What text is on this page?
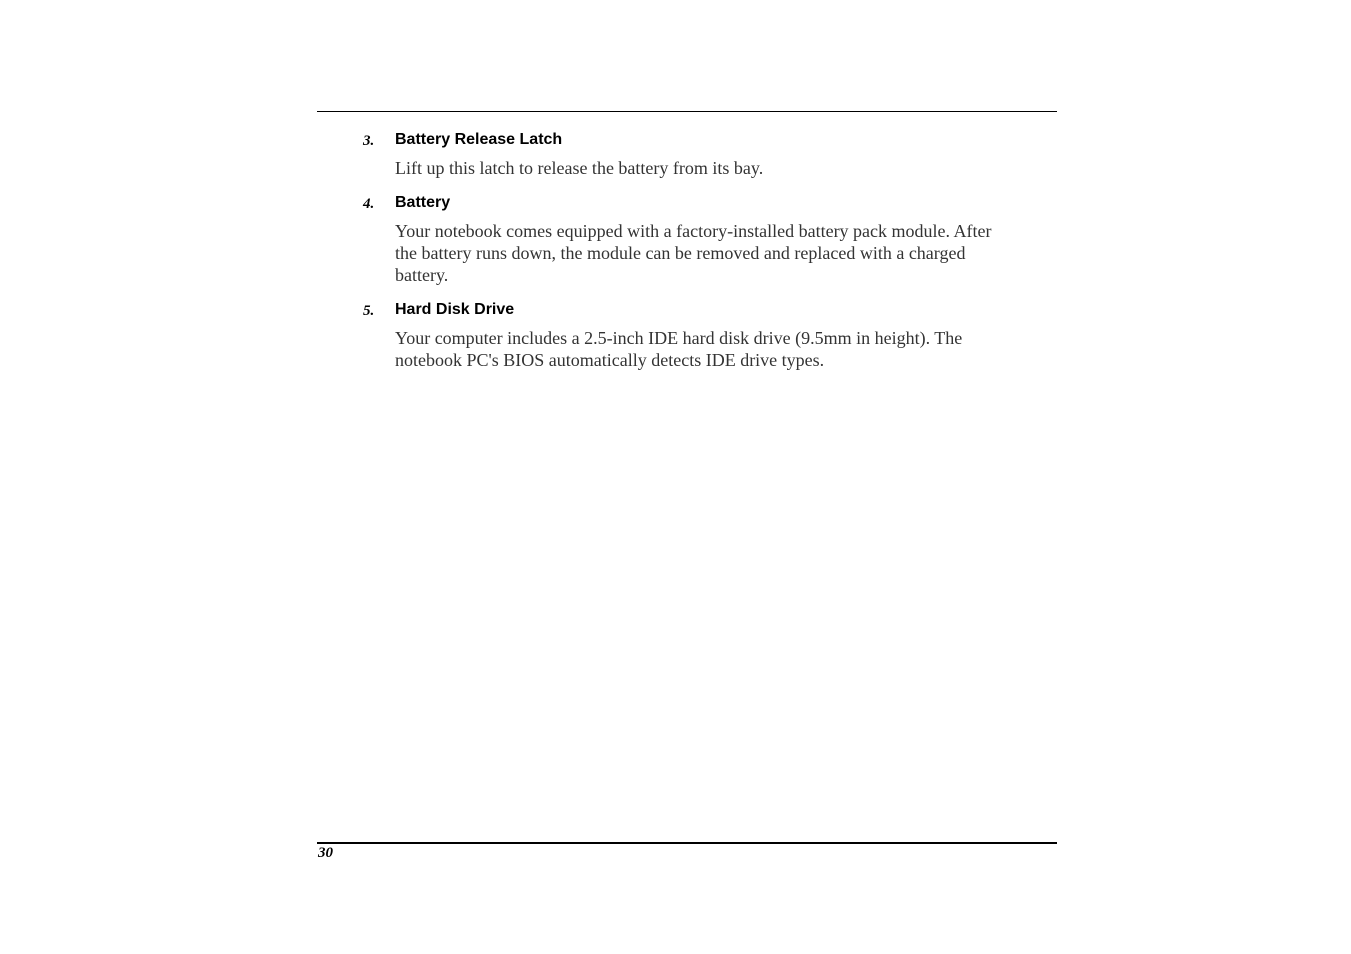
3. Battery Release Latch

Lift up this latch to release the battery from its bay.

4. Battery

Your notebook comes equipped with a factory-installed battery pack module. After
the battery runs down, the module can be removed and replaced with a charged
battery.

5. Hard Disk Drive

Your computer includes a 2.5-inch IDE hard disk drive (9.5mm in height). The
notebook PC's BIOS automatically detects IDE drive types.

30
